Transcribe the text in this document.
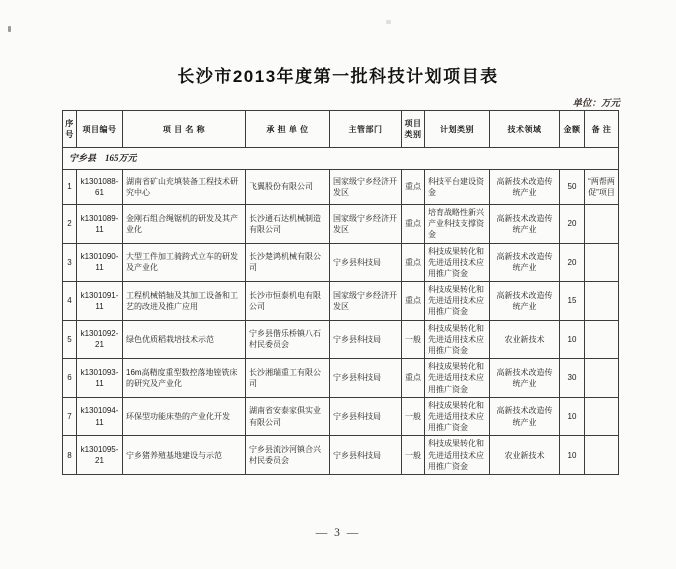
长沙市2013年度第一批科技计划项目表
单位：万元
序号	项目编号	项 目 名 称	承 担 单 位	主管部门	项目类别	计划类别	技术领域	金额	备 注
宁乡县　165万元									
1	k1301088-61	湖南省矿山充填装备工程技术研究中心	飞翼股份有限公司	国家级宁乡经济开发区	重点	科技平台建设资金	高新技术改造传统产业	50	“两帮两促”项目
2	k1301089-11	金刚石组合绳锯机的研发及其产业化	长沙通石达机械制造有限公司	国家级宁乡经济开发区	重点	培育战略性新兴产业科技支撑资金	高新技术改造传统产业	20	
3	k1301090-11	大型工件加工骑跨式立车的研发及产业化	长沙楚鸿机械有限公司	宁乡县科技局	重点	科技成果转化和先进适用技术应用推广资金	高新技术改造传统产业	20	
4	k1301091-11	工程机械销轴及其加工设备和工艺的改进及推广应用	长沙市恒泰机电有限公司	国家级宁乡经济开发区	重点	科技成果转化和先进适用技术应用推广资金	高新技术改造传统产业	15	
5	k1301092-21	绿色优质稻栽培技术示范	宁乡县偕乐桥镇八石村民委员会	宁乡县科技局	一般	科技成果转化和先进适用技术应用推广资金	农业新技术	10	
6	k1301093-11	16m高精度重型数控落地镗铣床的研究及产业化	长沙湘瑞重工有限公司	宁乡县科技局	重点	科技成果转化和先进适用技术应用推广资金	高新技术改造传统产业	30	
7	k1301094-11	环保型功能床垫的产业化开发	湖南省安泰家俱实业有限公司	宁乡县科技局	一般	科技成果转化和先进适用技术应用推广资金	高新技术改造传统产业	10	
8	k1301095-21	宁乡猪养殖基地建设与示范	宁乡县流沙河镇合兴村民委员会	宁乡县科技局	一般	科技成果转化和先进适用技术应用推广资金	农业新技术	10	
— 3 —
